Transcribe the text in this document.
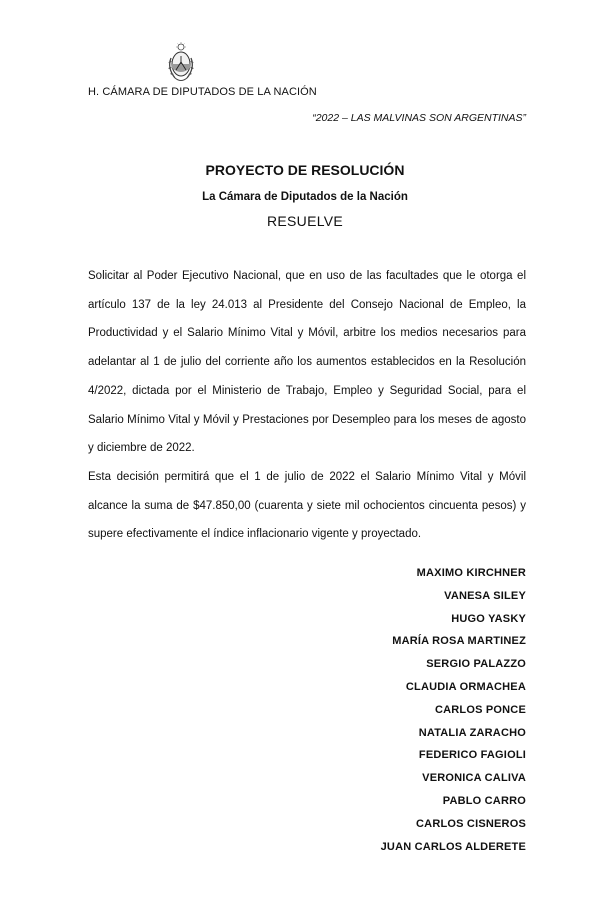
H. CÁMARA DE DIPUTADOS DE LA NACIÓN
“2022 – LAS MALVINAS SON ARGENTINAS”
PROYECTO DE RESOLUCIÓN
La Cámara de Diputados de la Nación
RESUELVE

Solicitar al Poder Ejecutivo Nacional, que en uso de las facultades que le otorga el artículo 137 de la ley 24.013 al Presidente del Consejo Nacional de Empleo, la Productividad y el Salario Mínimo Vital y Móvil, arbitre los medios necesarios para adelantar al 1 de julio del corriente año los aumentos establecidos en la Resolución 4/2022, dictada por el Ministerio de Trabajo, Empleo y Seguridad Social, para el Salario Mínimo Vital y Móvil y Prestaciones por Desempleo para los meses de agosto y diciembre de 2022.

Esta decisión permitirá que el 1 de julio de 2022 el Salario Mínimo Vital y Móvil alcance la suma de $47.850,00 (cuarenta y siete mil ochocientos cincuenta pesos) y supere efectivamente el índice inflacionario vigente y proyectado.

MAXIMO KIRCHNER
VANESA SILEY
HUGO YASKY
MARÍA ROSA MARTINEZ
SERGIO PALAZZO
CLAUDIA ORMACHEA
CARLOS PONCE
NATALIA ZARACHO
FEDERICO FAGIOLI
VERONICA CALIVA
PABLO CARRO
CARLOS CISNEROS
JUAN CARLOS ALDERETE
